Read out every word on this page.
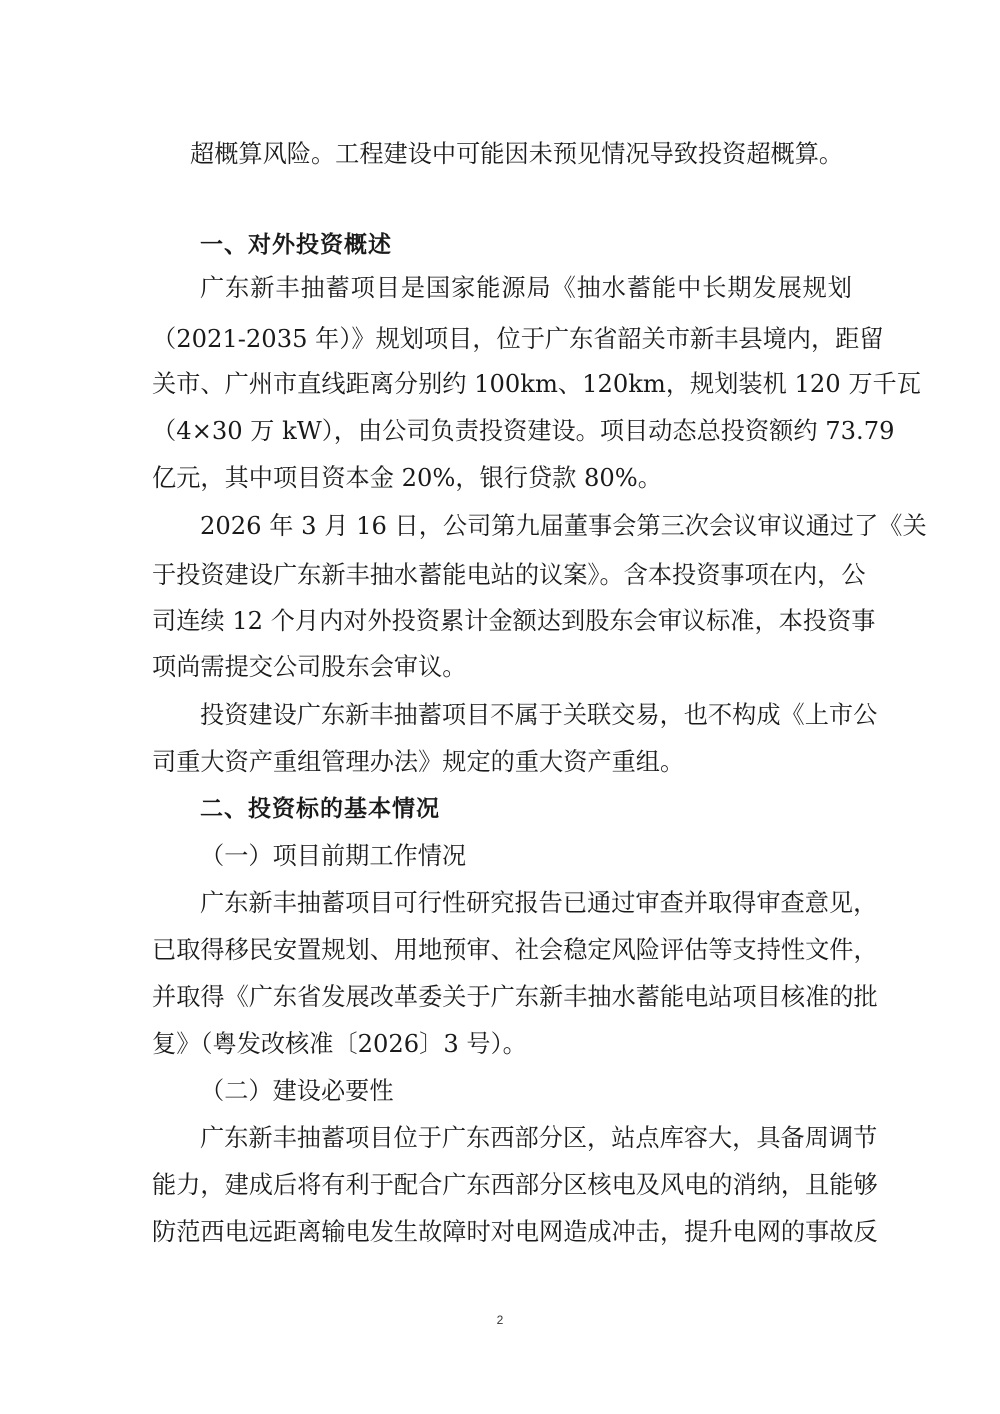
超概算风险。工程建设中可能因未预见情况导致投资超概算。
一、对外投资概述
广东新丰抽蓄项目是国家能源局《抽水蓄能中长期发展规划
（2021-2035 年）》规划项目，位于广东省韶关市新丰县境内，距留
关市、广州市直线距离分别约 100km、120km，规划装机 120 万千瓦
（4×30 万 kW），由公司负责投资建设。项目动态总投资额约 73.79
亿元，其中项目资本金 20%，银行贷款 80%。
2026 年 3 月 16 日，公司第九届董事会第三次会议审议通过了《关
于投资建设广东新丰抽水蓄能电站的议案》。含本投资事项在内，公
司连续 12 个月内对外投资累计金额达到股东会审议标准，本投资事
项尚需提交公司股东会审议。
投资建设广东新丰抽蓄项目不属于关联交易，也不构成《上市公
司重大资产重组管理办法》规定的重大资产重组。
二、投资标的基本情况
（一）项目前期工作情况
广东新丰抽蓄项目可行性研究报告已通过审查并取得审查意见，
已取得移民安置规划、用地预审、社会稳定风险评估等支持性文件，
并取得《广东省发展改革委关于广东新丰抽水蓄能电站项目核准的批
复》（粤发改核准〔2026〕3 号）。
（二）建设必要性
广东新丰抽蓄项目位于广东西部分区，站点库容大，具备周调节
能力，建成后将有利于配合广东西部分区核电及风电的消纳，且能够
防范西电远距离输电发生故障时对电网造成冲击，提升电网的事故反
2
